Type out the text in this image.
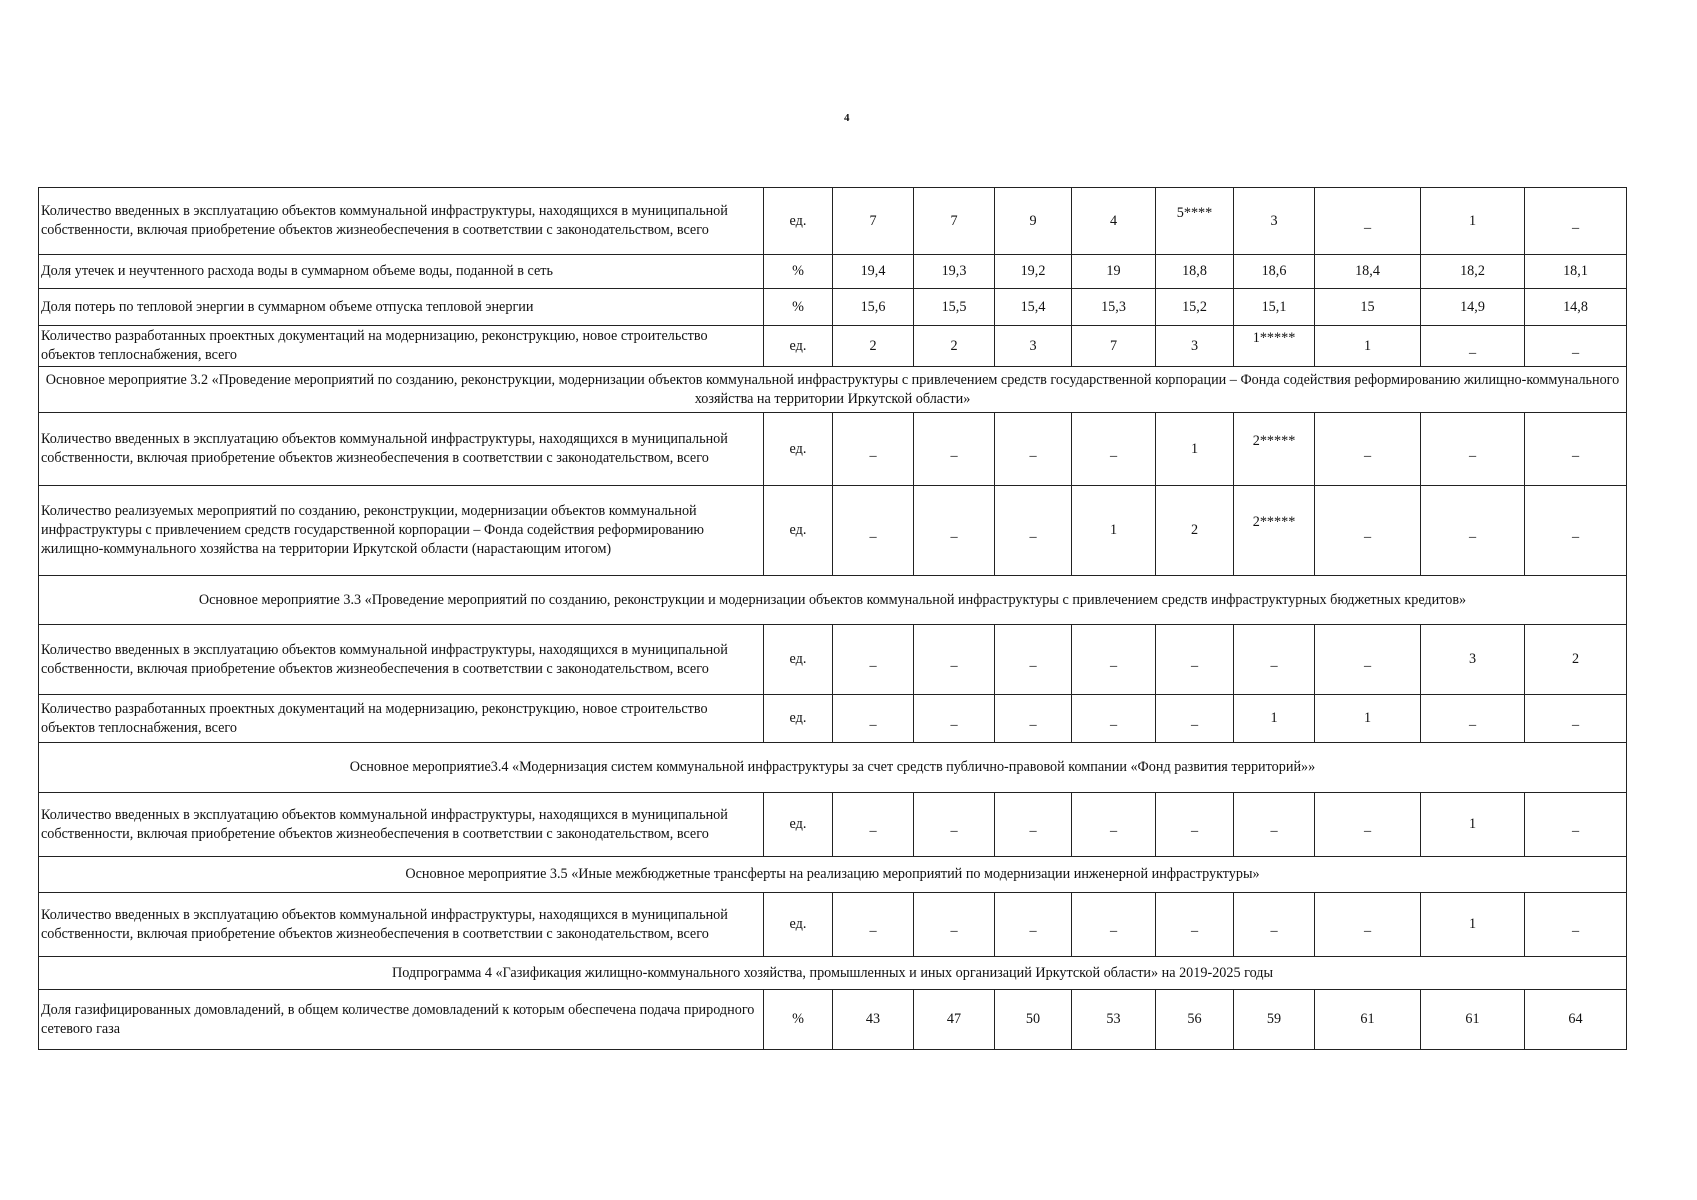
4
Количество введенных в эксплуатацию объектов коммунальной инфраструктуры, находящихся в муниципальной собственности, включая приобретение объектов жизнеобеспечения в соответствии с законодательством, всего	ед.	7	7	9	4	5****	3	–	1	–
Доля утечек и неучтенного расхода воды в суммарном объеме воды, поданной в сеть	%	19,4	19,3	19,2	19	18,8	18,6	18,4	18,2	18,1
Доля потерь по тепловой энергии в суммарном объеме отпуска тепловой энергии	%	15,6	15,5	15,4	15,3	15,2	15,1	15	14,9	14,8
Количество разработанных проектных документаций на модернизацию, реконструкцию, новое строительство объектов теплоснабжения, всего	ед.	2	2	3	7	3	1*****	1	–	–
Основное мероприятие 3.2 «Проведение мероприятий по созданию, реконструкции, модернизации объектов коммунальной инфраструктуры с привлечением средств государственной корпорации – Фонда содействия реформированию жилищно-коммунального хозяйства на территории Иркутской области»										
Количество введенных в эксплуатацию объектов коммунальной инфраструктуры, находящихся в муниципальной собственности, включая приобретение объектов жизнеобеспечения в соответствии с законодательством, всего	ед.	–	–	–	–	1	2*****	–	–	–
Количество реализуемых мероприятий по созданию, реконструкции, модернизации объектов коммунальной инфраструктуры с привлечением средств государственной корпорации – Фонда содействия реформированию жилищно-коммунального хозяйства на территории Иркутской области (нарастающим итогом)	ед.	–	–	–	1	2	2*****	–	–	–
Основное мероприятие 3.3 «Проведение мероприятий по созданию, реконструкции и модернизации объектов коммунальной инфраструктуры с привлечением средств инфраструктурных бюджетных кредитов»										
Количество введенных в эксплуатацию объектов коммунальной инфраструктуры, находящихся в муниципальной собственности, включая приобретение объектов жизнеобеспечения в соответствии с законодательством, всего	ед.	–	–	–	–	–	–	–	3	2
Количество разработанных проектных документаций на модернизацию, реконструкцию, новое строительство объектов теплоснабжения, всего	ед.	–	–	–	–	–	1	1	–	–
Основное мероприятие3.4 «Модернизация систем коммунальной инфраструктуры за счет средств публично-правовой компании «Фонд развития территорий»»										
Количество введенных в эксплуатацию объектов коммунальной инфраструктуры, находящихся в муниципальной собственности, включая приобретение объектов жизнеобеспечения в соответствии с законодательством, всего	ед.	–	–	–	–	–	–	–	1	–
Основное мероприятие 3.5 «Иные межбюджетные трансферты на реализацию мероприятий по модернизации инженерной инфраструктуры»										
Количество введенных в эксплуатацию объектов коммунальной инфраструктуры, находящихся в муниципальной собственности, включая приобретение объектов жизнеобеспечения в соответствии с законодательством, всего	ед.	–	–	–	–	–	–	–	1	–
Подпрограмма 4 «Газификация жилищно-коммунального хозяйства, промышленных и иных организаций Иркутской области» на 2019-2025 годы										
Доля газифицированных домовладений, в общем количестве домовладений к которым обеспечена подача природного сетевого газа	%	43	47	50	53	56	59	61	61	64
